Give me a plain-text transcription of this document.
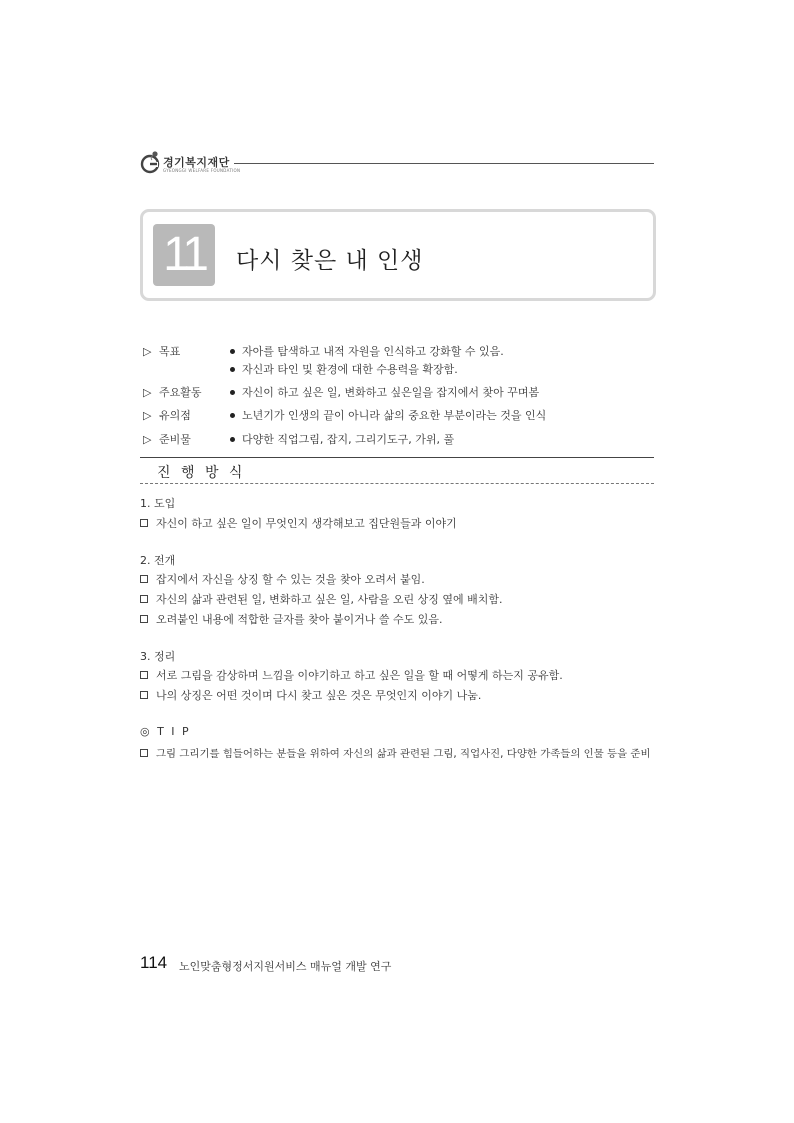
경기복지재단
GYEONGGI WELFARE FOUNDATION
11	다시 찾은 내 인생
▷ 목표	자아를 탐색하고 내적 자원을 인식하고 강화할 수 있음.
자신과 타인 및 환경에 대한 수용력을 확장함.
▷ 주요활동	자신이 하고 싶은 일, 변화하고 싶은일을 잡지에서 찾아 꾸며봄
▷ 유의점	노년기가 인생의 끝이 아니라 삶의 중요한 부분이라는 것을 인식
▷ 준비물	다양한 직업그림, 잡지, 그리기도구, 가위, 풀
진 행 방 식
1. 도입
자신이 하고 싶은 일이 무엇인지 생각해보고 집단원들과 이야기
2. 전개
잡지에서 자신을 상징 할 수 있는 것을 찾아 오려서 붙임.
자신의 삶과 관련된 일, 변화하고 싶은 일, 사람을 오린 상징 옆에 배치함.
오려붙인 내용에 적합한 글자를 찾아 붙이거나 쓸 수도 있음.
3. 정리
서로 그림을 감상하며 느낌을 이야기하고 하고 싶은 일을 할 때 어떻게 하는지 공유함.
나의 상징은 어떤 것이며 다시 찾고 싶은 것은 무엇인지 이야기 나눔.
◎ T I P
그림 그리기를 힘들어하는 분들을 위하여 자신의 삶과 관련된 그림, 직업사진, 다양한 가족들의 인물 등을 준비
114 노인맞춤형정서지원서비스 매뉴얼 개발 연구
